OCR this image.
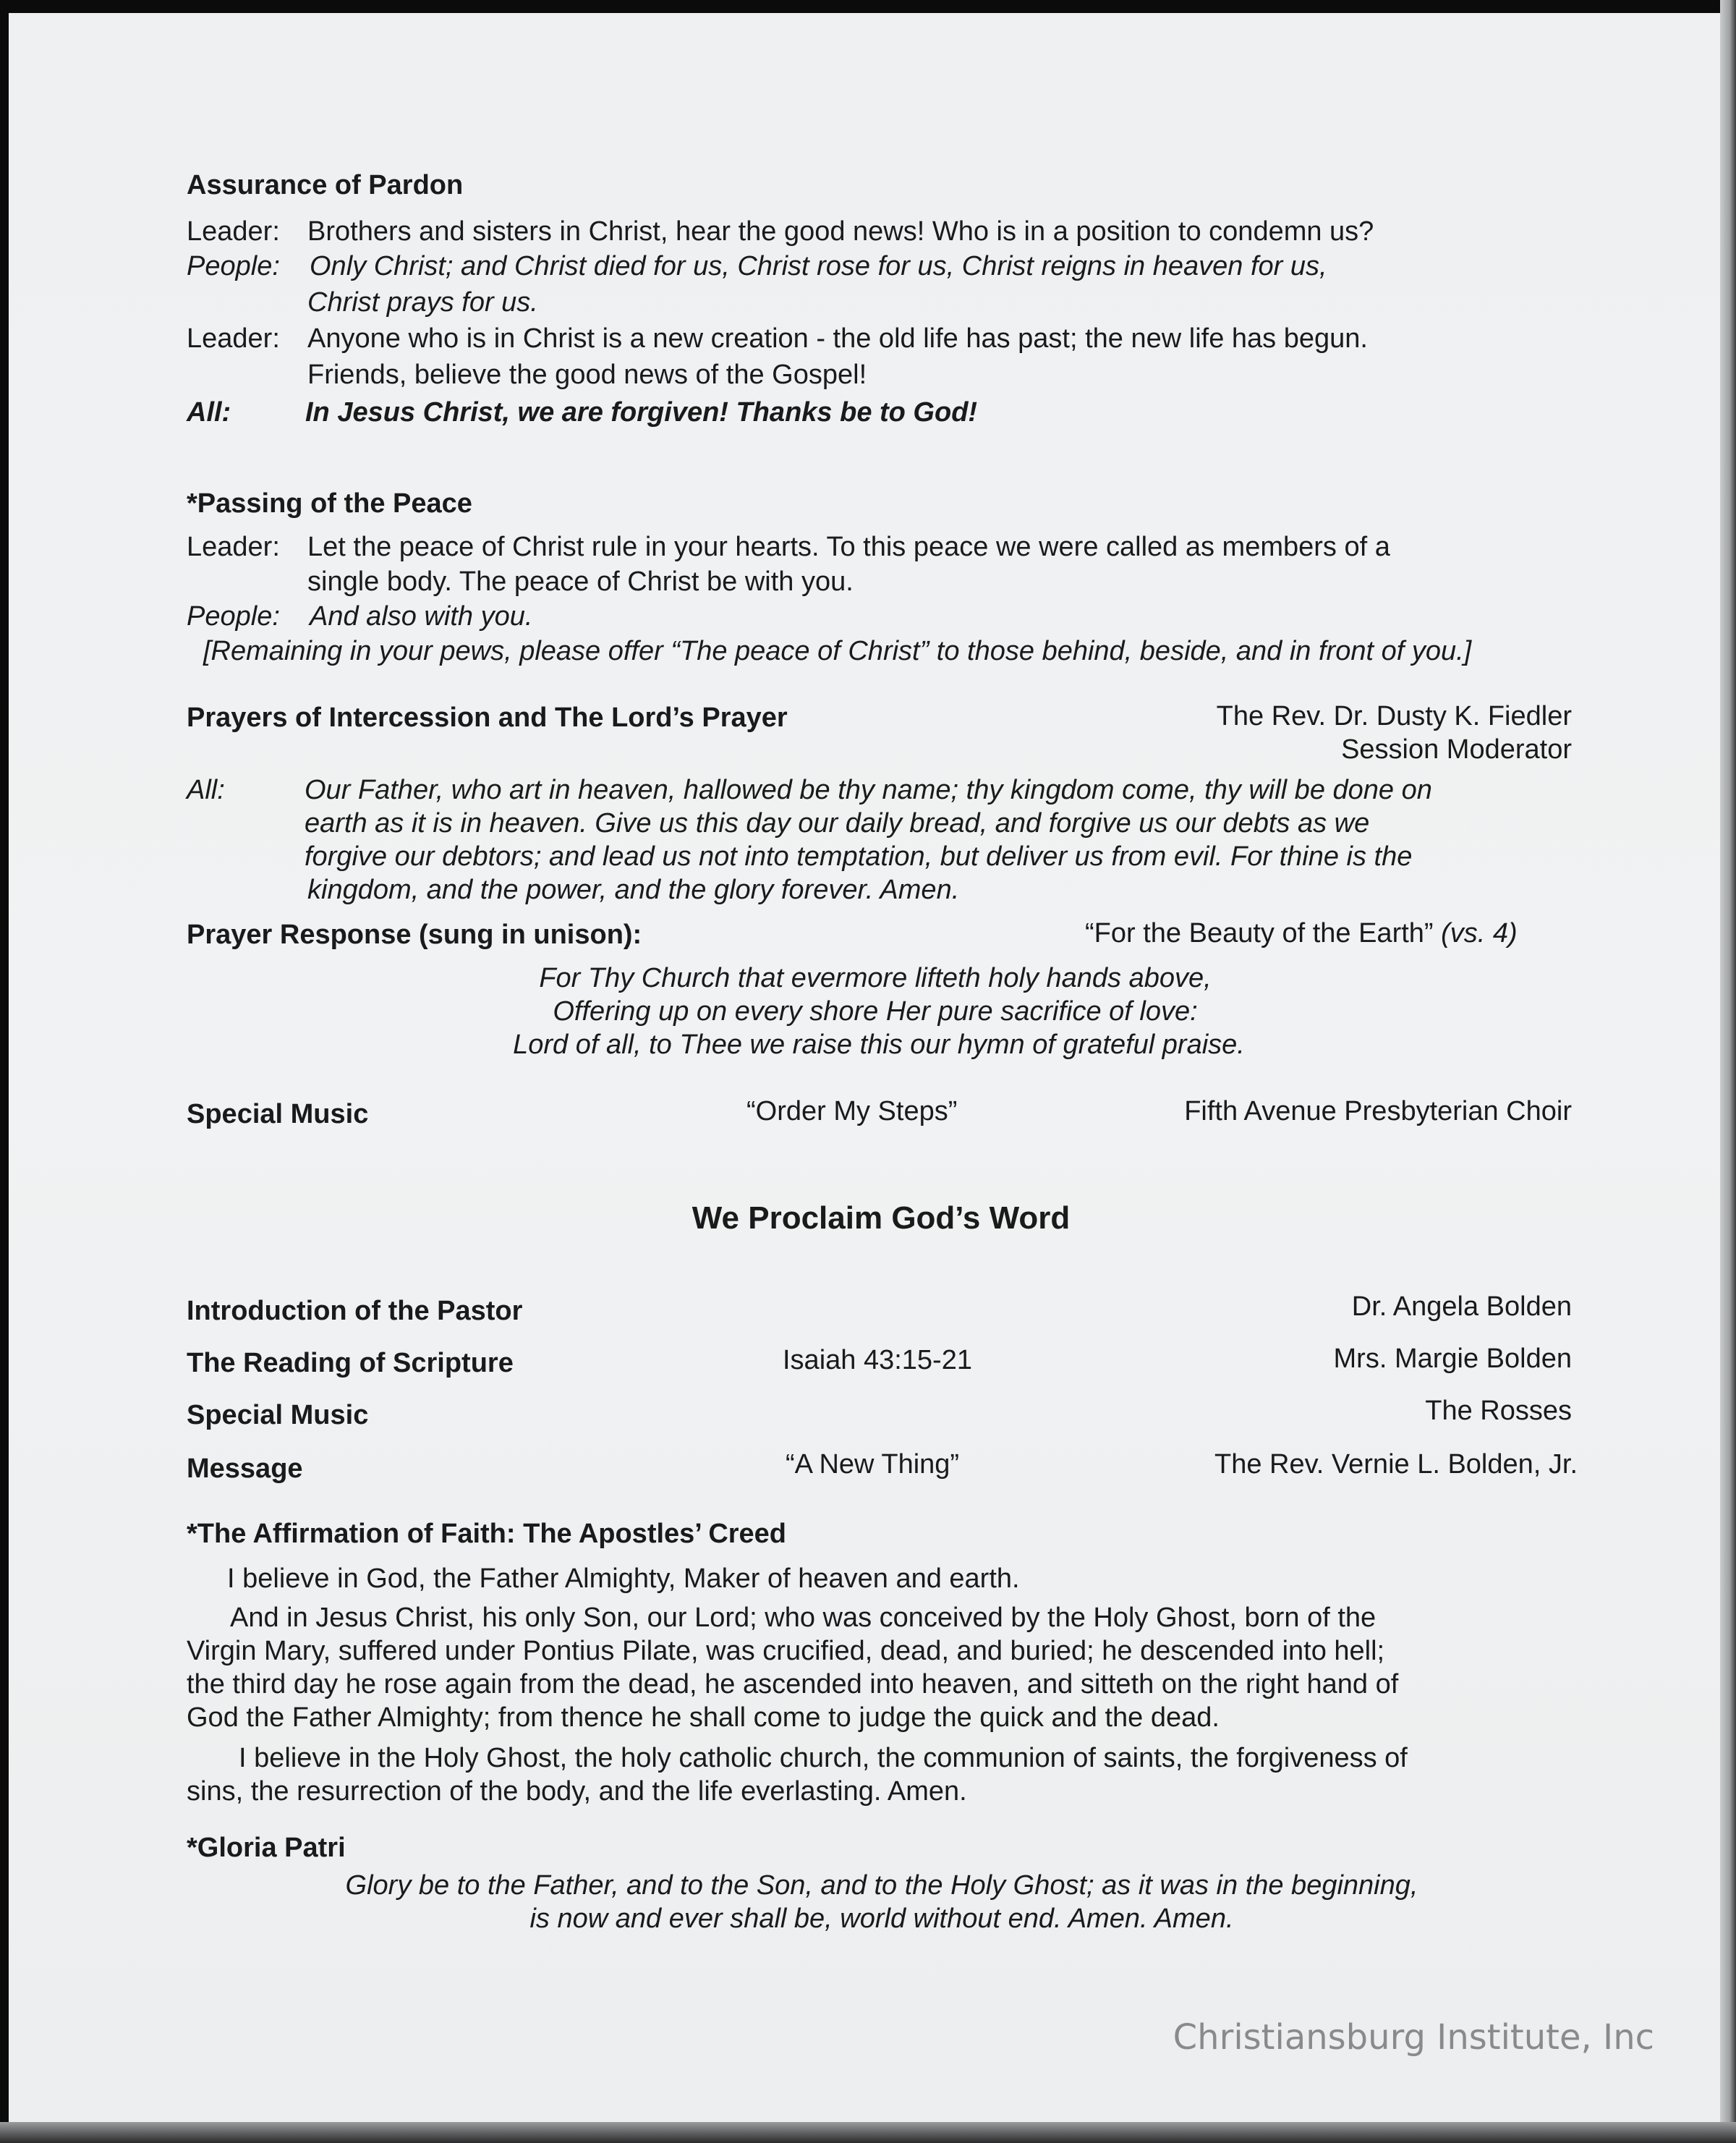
Assurance of Pardon
Leader: Brothers and sisters in Christ, hear the good news! Who is in a position to condemn us?
People: Only Christ; and Christ died for us, Christ rose for us, Christ reigns in heaven for us,
Christ prays for us.
Leader: Anyone who is in Christ is a new creation - the old life has past; the new life has begun.
Friends, believe the good news of the Gospel!
All:	In Jesus Christ, we are forgiven! Thanks be to God!
*Passing of the Peace
Leader: Let the peace of Christ rule in your hearts. To this peace we were called as members of a
single body. The peace of Christ be with you.
People: And also with you.
[Remaining in your pews, please offer “The peace of Christ” to those behind, beside, and in front of you.]
Prayers of Intercession and The Lord’s Prayer	The Rev. Dr. Dusty K. Fiedler
Session Moderator
All:	Our Father, who art in heaven, hallowed be thy name; thy kingdom come, thy will be done on
earth as it is in heaven. Give us this day our daily bread, and forgive us our debts as we
forgive our debtors; and lead us not into temptation, but deliver us from evil. For thine is the
kingdom, and the power, and the glory forever. Amen.
Prayer Response (sung in unison):	“For the Beauty of the Earth” (vs. 4)
For Thy Church that evermore lifteth holy hands above,
Offering up on every shore Her pure sacrifice of love:
Lord of all, to Thee we raise this our hymn of grateful praise.
Special Music	“Order My Steps”	Fifth Avenue Presbyterian Choir
We Proclaim God’s Word
Introduction of the Pastor	Dr. Angela Bolden
The Reading of Scripture	Isaiah 43:15-21	Mrs. Margie Bolden
Special Music	The Rosses
Message	“A New Thing”	The Rev. Vernie L. Bolden, Jr.
*The Affirmation of Faith: The Apostles’ Creed
I believe in God, the Father Almighty, Maker of heaven and earth.
And in Jesus Christ, his only Son, our Lord; who was conceived by the Holy Ghost, born of the
Virgin Mary, suffered under Pontius Pilate, was crucified, dead, and buried; he descended into hell;
the third day he rose again from the dead, he ascended into heaven, and sitteth on the right hand of
God the Father Almighty; from thence he shall come to judge the quick and the dead.
I believe in the Holy Ghost, the holy catholic church, the communion of saints, the forgiveness of
sins, the resurrection of the body, and the life everlasting. Amen.
*Gloria Patri
Glory be to the Father, and to the Son, and to the Holy Ghost; as it was in the beginning,
is now and ever shall be, world without end. Amen. Amen.
Christiansburg Institute, Inc
